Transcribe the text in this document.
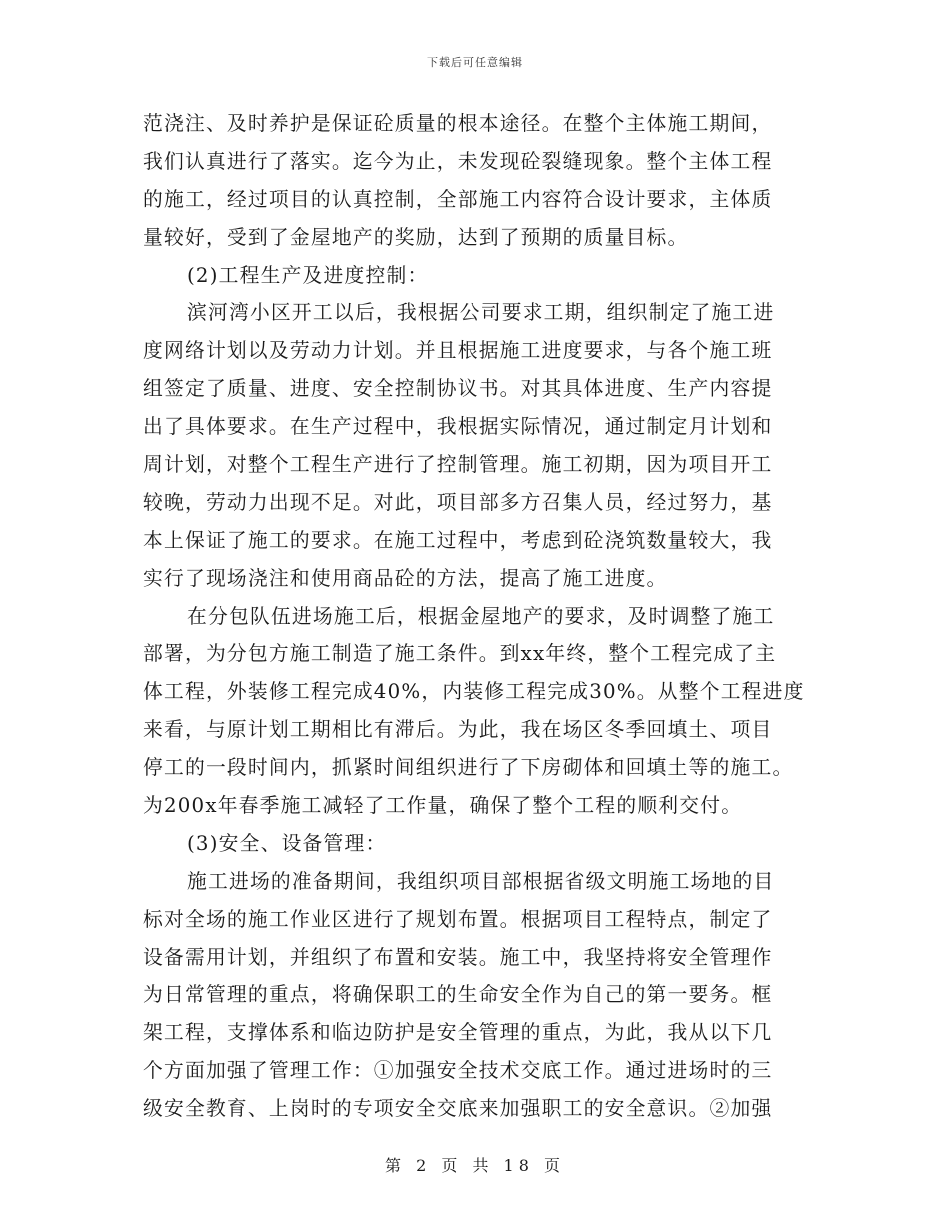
下载后可任意编辑
范浇注、及时养护是保证砼质量的根本途径。在整个主体施工期间，
我们认真进行了落实。迄今为止，未发现砼裂缝现象。整个主体工程
的施工，经过项目的认真控制，全部施工内容符合设计要求，主体质
量较好，受到了金屋地产的奖励，达到了预期的质量目标。
(2)工程生产及进度控制：
滨河湾小区开工以后，我根据公司要求工期，组织制定了施工进
度网络计划以及劳动力计划。并且根据施工进度要求，与各个施工班
组签定了质量、进度、安全控制协议书。对其具体进度、生产内容提
出了具体要求。在生产过程中，我根据实际情况，通过制定月计划和
周计划，对整个工程生产进行了控制管理。施工初期，因为项目开工
较晚，劳动力出现不足。对此，项目部多方召集人员，经过努力，基
本上保证了施工的要求。在施工过程中，考虑到砼浇筑数量较大，我
实行了现场浇注和使用商品砼的方法，提高了施工进度。
在分包队伍进场施工后，根据金屋地产的要求，及时调整了施工
部署，为分包方施工制造了施工条件。到xx年终，整个工程完成了主
体工程，外装修工程完成40%，内装修工程完成30%。从整个工程进度
来看，与原计划工期相比有滞后。为此，我在场区冬季回填土、项目
停工的一段时间内，抓紧时间组织进行了下房砌体和回填土等的施工。
为200x年春季施工减轻了工作量，确保了整个工程的顺利交付。
(3)安全、设备管理：
施工进场的准备期间，我组织项目部根据省级文明施工场地的目
标对全场的施工作业区进行了规划布置。根据项目工程特点，制定了
设备需用计划，并组织了布置和安装。施工中，我坚持将安全管理作
为日常管理的重点，将确保职工的生命安全作为自己的第一要务。框
架工程，支撑体系和临边防护是安全管理的重点，为此，我从以下几
个方面加强了管理工作：①加强安全技术交底工作。通过进场时的三
级安全教育、上岗时的专项安全交底来加强职工的安全意识。②加强
第 2 页 共 18 页
